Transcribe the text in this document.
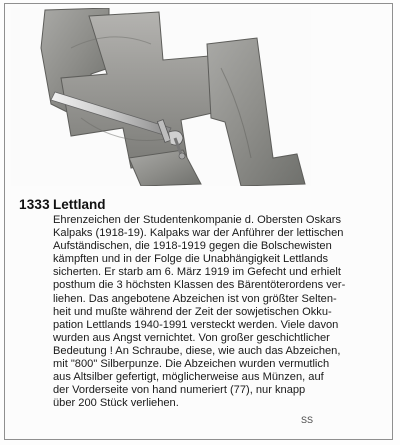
1333 Lettland
Ehrenzeichen der Studentenkompanie d. Obersten Oskars
Kalpaks (1918-19). Kalpaks war der Anführer der lettischen
Aufständischen, die 1918-1919 gegen die Bolschewisten
kämpften und in der Folge die Unabhängigkeit Lettlands
sicherten. Er starb am 6. März 1919 im Gefecht und erhielt
posthum die 3 höchsten Klassen des Bärentöterordens ver-
liehen. Das angebotene Abzeichen ist von größter Selten-
heit und mußte während der Zeit der sowjetischen Okku-
pation Lettlands 1940-1991 versteckt werden. Viele davon
wurden aus Angst vernichtet. Von großer geschichtlicher
Bedeutung ! An Schraube, diese, wie auch das Abzeichen,
mit "800" Silberpunze. Die Abzeichen wurden vermutlich
aus Altsilber gefertigt, möglicherweise aus Münzen, auf
der Vorderseite von hand numeriert (77), nur knapp
über 200 Stück verliehen.
SS
